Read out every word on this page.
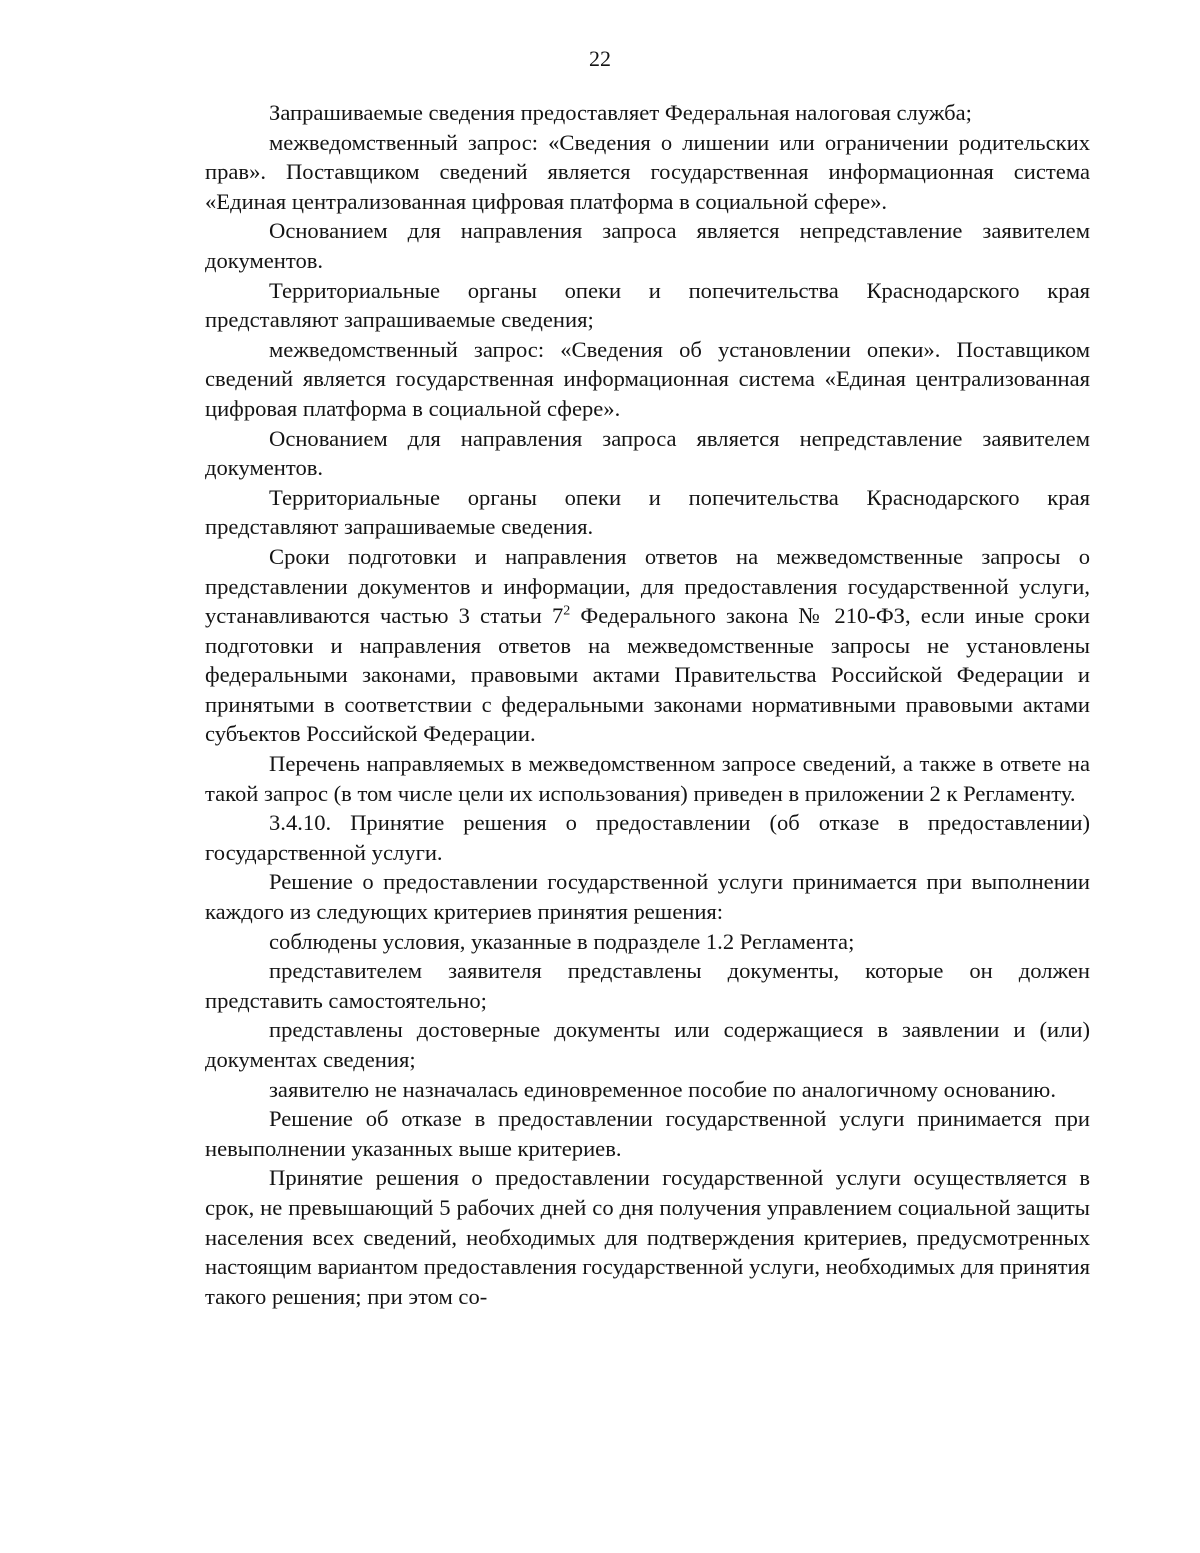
22

Запрашиваемые сведения предоставляет Федеральная налоговая служба;

межведомственный запрос: «Сведения о лишении или ограничении родительских прав». Поставщиком сведений является государственная информационная система «Единая централизованная цифровая платформа в социальной сфере».

Основанием для направления запроса является непредставление заявителем документов.

Территориальные органы опеки и попечительства Краснодарского края представляют запрашиваемые сведения;

межведомственный запрос: «Сведения об установлении опеки». Поставщиком сведений является государственная информационная система «Единая централизованная цифровая платформа в социальной сфере».

Основанием для направления запроса является непредставление заявителем документов.

Территориальные органы опеки и попечительства Краснодарского края представляют запрашиваемые сведения.

Сроки подготовки и направления ответов на межведомственные запросы о представлении документов и информации, для предоставления государственной услуги, устанавливаются частью 3 статьи $7^2$ Федерального закона № 210-ФЗ, если иные сроки подготовки и направления ответов на межведомственные запросы не установлены федеральными законами, правовыми актами Правительства Российской Федерации и принятыми в соответствии с федеральными законами нормативными правовыми актами субъектов Российской Федерации.

Перечень направляемых в межведомственном запросе сведений, а также в ответе на такой запрос (в том числе цели их использования) приведен в приложении 2 к Регламенту.

3.4.10. Принятие решения о предоставлении (об отказе в предоставлении) государственной услуги.

Решение о предоставлении государственной услуги принимается при выполнении каждого из следующих критериев принятия решения:

соблюдены условия, указанные в подразделе 1.2 Регламента;

представителем заявителя представлены документы, которые он должен представить самостоятельно;

представлены достоверные документы или содержащиеся в заявлении и (или) документах сведения;

заявителю не назначалась единовременное пособие по аналогичному основанию.

Решение об отказе в предоставлении государственной услуги принимается при невыполнении указанных выше критериев.

Принятие решения о предоставлении государственной услуги осуществляется в срок, не превышающий 5 рабочих дней со дня получения управлением социальной защиты населения всех сведений, необходимых для подтверждения критериев, предусмотренных настоящим вариантом предоставления государственной услуги, необходимых для принятия такого решения; при этом со-
